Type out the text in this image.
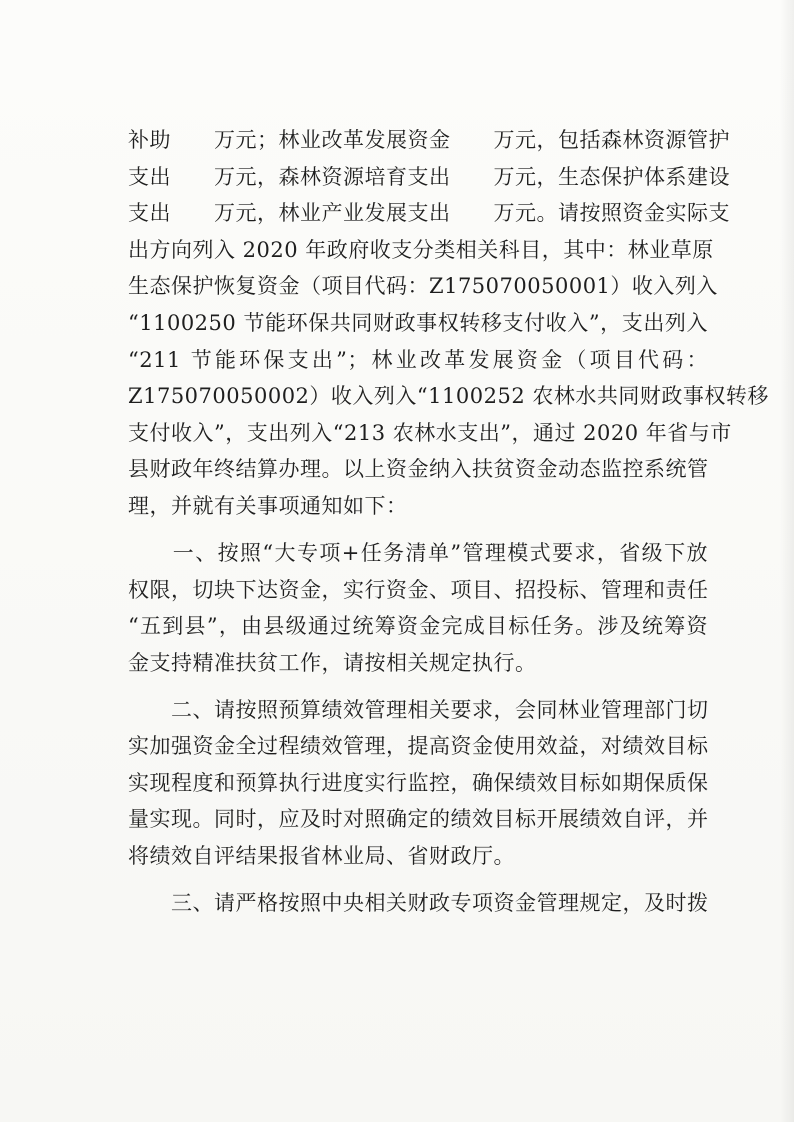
补助　　万元；林业改革发展资金　　万元，包括森林资源管护
支出　　万元，森林资源培育支出　　万元，生态保护体系建设
支出　　万元，林业产业发展支出　　万元。请按照资金实际支
出方向列入 2020 年政府收支分类相关科目，其中：林业草原
生态保护恢复资金（项目代码：Z175070050001）收入列入
“1100250 节能环保共同财政事权转移支付收入”，支出列入
“211 节能环保支出”；林业改革发展资金（项目代码：
Z175070050002）收入列入“1100252 农林水共同财政事权转移
支付收入”，支出列入“213 农林水支出”，通过 2020 年省与市
县财政年终结算办理。以上资金纳入扶贫资金动态监控系统管
理，并就有关事项通知如下：
　　一、按照“大专项+任务清单”管理模式要求，省级下放
权限，切块下达资金，实行资金、项目、招投标、管理和责任
“五到县”，由县级通过统筹资金完成目标任务。涉及统筹资
金支持精准扶贫工作，请按相关规定执行。
　　二、请按照预算绩效管理相关要求，会同林业管理部门切
实加强资金全过程绩效管理，提高资金使用效益，对绩效目标
实现程度和预算执行进度实行监控，确保绩效目标如期保质保
量实现。同时，应及时对照确定的绩效目标开展绩效自评，并
将绩效自评结果报省林业局、省财政厅。
　　三、请严格按照中央相关财政专项资金管理规定，及时拨
